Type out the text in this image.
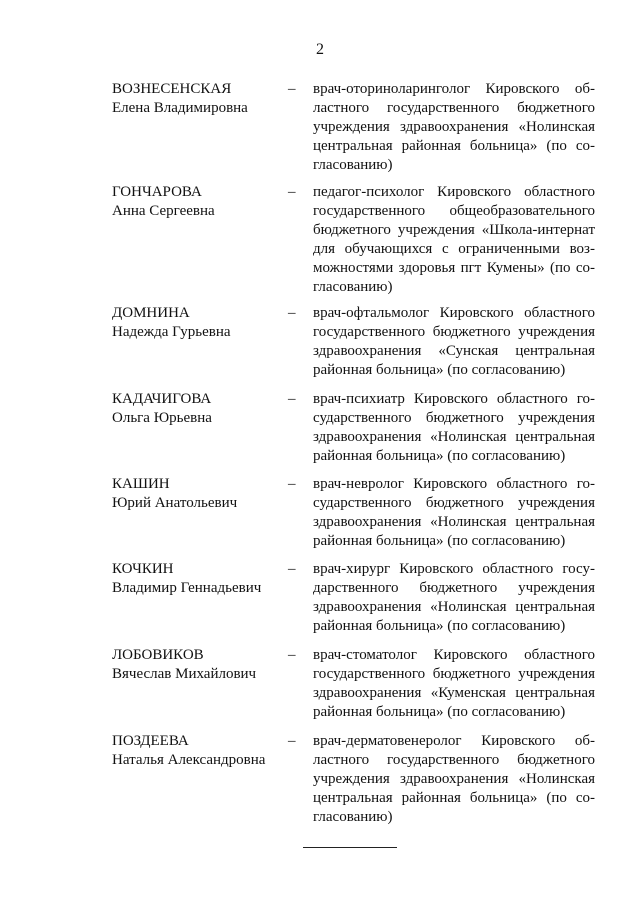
2
ВОЗНЕСЕНСКАЯ
Елена Владимировна
– врач-оториноларинголог Кировского областного государственного бюджетного учреждения здравоохранения «Нолинская центральная районная больница» (по согласованию)
ГОНЧАРОВА
Анна Сергеевна
– педагог-психолог Кировского областного государственного общеобразовательного бюджетного учреждения «Школа-интернат для обучающихся с ограниченными возможностями здоровья пгт Кумены» (по согласованию)
ДОМНИНА
Надежда Гурьевна
– врач-офтальмолог Кировского областного государственного бюджетного учреждения здравоохранения «Сунская центральная районная больница» (по согласованию)
КАДАЧИГОВА
Ольга Юрьевна
– врач-психиатр Кировского областного государственного бюджетного учреждения здравоохранения «Нолинская центральная районная больница» (по согласованию)
КАШИН
Юрий Анатольевич
– врач-невролог Кировского областного государственного бюджетного учреждения здравоохранения «Нолинская центральная районная больница» (по согласованию)
КОЧКИН
Владимир Геннадьевич
– врач-хирург Кировского областного государственного бюджетного учреждения здравоохранения «Нолинская центральная районная больница» (по согласованию)
ЛОБОВИКОВ
Вячеслав Михайлович
– врач-стоматолог Кировского областного государственного бюджетного учреждения здравоохранения «Куменская центральная районная больница» (по согласованию)
ПОЗДЕЕВА
Наталья Александровна
– врач-дерматовенеролог Кировского областного государственного бюджетного учреждения здравоохранения «Нолинская центральная районная больница» (по согласованию)
